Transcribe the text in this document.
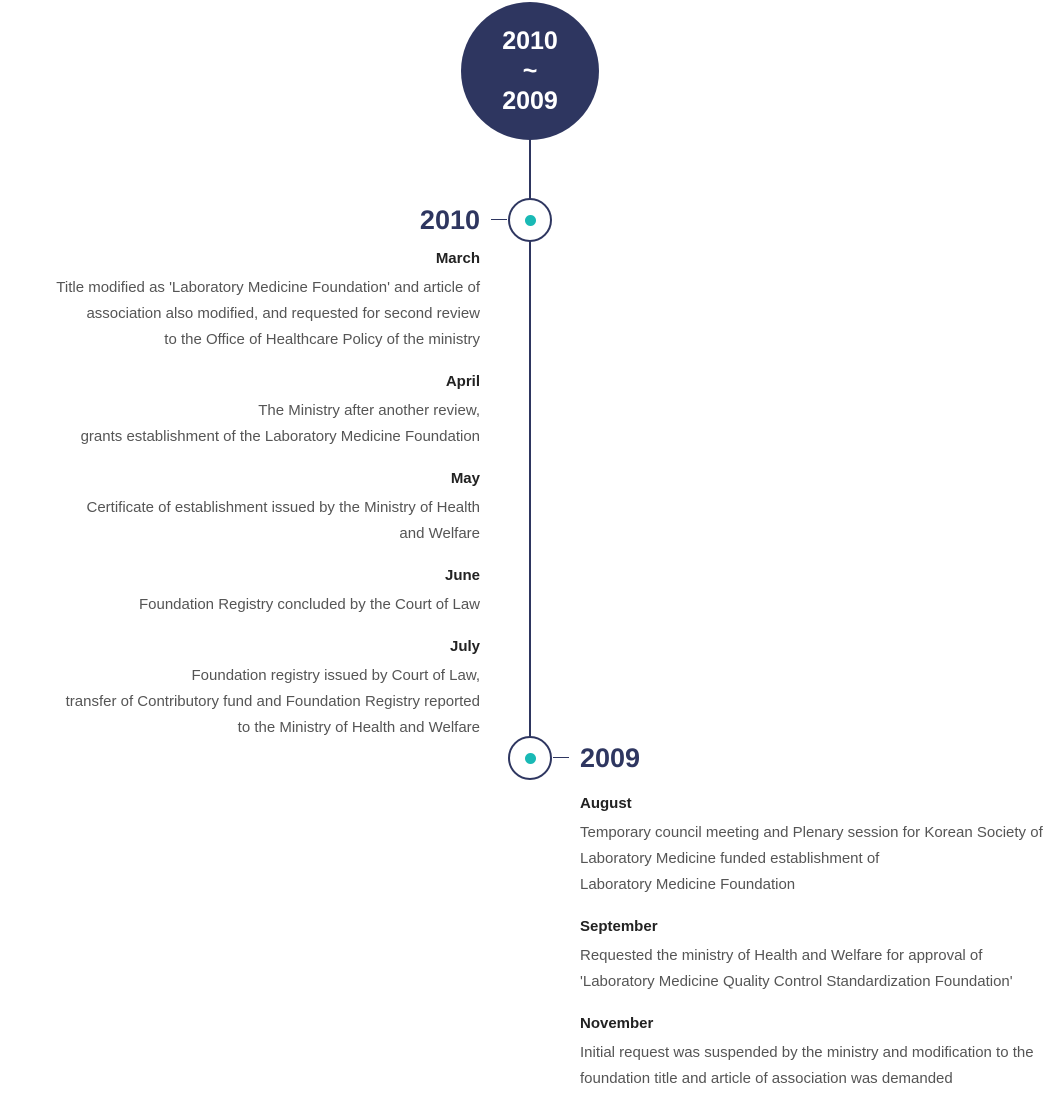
2010
~
2009
2010
March
Title modified as 'Laboratory Medicine Foundation' and article of
association also modified, and requested for second review
to the Office of Healthcare Policy of the ministry
April
The Ministry after another review,
grants establishment of the Laboratory Medicine Foundation
May
Certificate of establishment issued by the Ministry of Health
and Welfare
June
Foundation Registry concluded by the Court of Law
July
Foundation registry issued by Court of Law,
transfer of Contributory fund and Foundation Registry reported
to the Ministry of Health and Welfare
2009
August
Temporary council meeting and Plenary session for Korean Society of
Laboratory Medicine funded establishment of
Laboratory Medicine Foundation
September
Requested the ministry of Health and Welfare for approval of
'Laboratory Medicine Quality Control Standardization Foundation'
November
Initial request was suspended by the ministry and modification to the
foundation title and article of association was demanded
